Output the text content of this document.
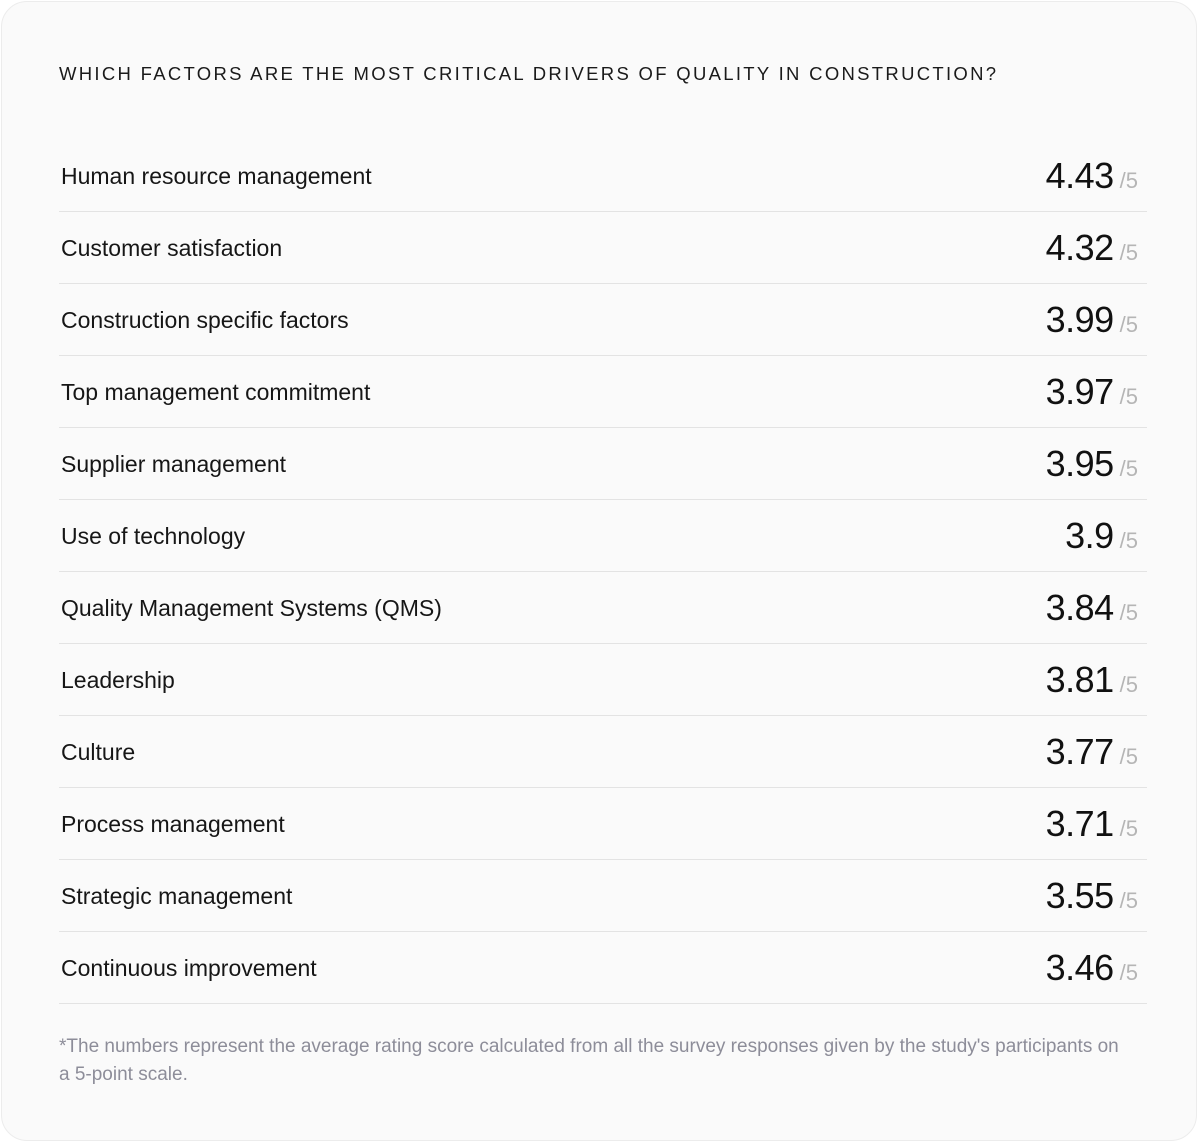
WHICH FACTORS ARE THE MOST CRITICAL DRIVERS OF QUALITY IN CONSTRUCTION?
Human resource management	4.43 /5
Customer satisfaction	4.32 /5
Construction specific factors	3.99 /5
Top management commitment	3.97 /5
Supplier management	3.95 /5
Use of technology	3.9 /5
Quality Management Systems (QMS)	3.84 /5
Leadership	3.81 /5
Culture	3.77 /5
Process management	3.71 /5
Strategic management	3.55 /5
Continuous improvement	3.46 /5

*The numbers represent the average rating score calculated from all the survey responses given by the study's participants on a 5-point scale.
